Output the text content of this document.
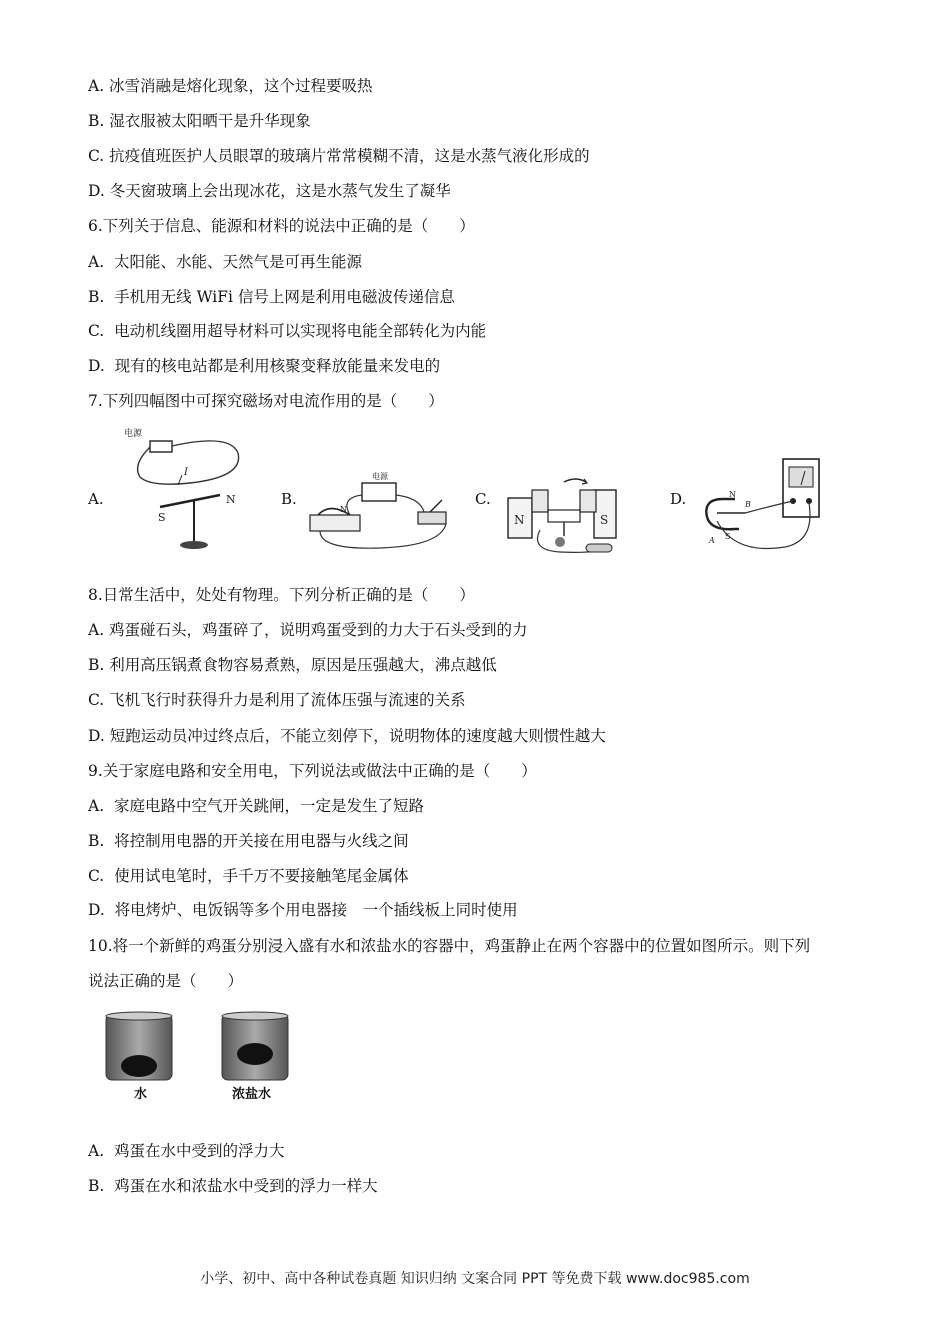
A. 冰雪消融是熔化现象，这个过程要吸热
B. 湿衣服被太阳晒干是升华现象
C. 抗疫值班医护人员眼罩的玻璃片常常模糊不清，这是水蒸气液化形成的
D. 冬天窗玻璃上会出现冰花，这是水蒸气发生了凝华
6.下列关于信息、能源和材料的说法中正确的是（　　）
A.  太阳能、水能、天然气是可再生能源
B.  手机用无线 WiFi 信号上网是利用电磁波传递信息
C.  电动机线圈用超导材料可以实现将电能全部转化为内能
D.  现有的核电站都是利用核聚变释放能量来发电的
7.下列四幅图中可探究磁场对电流作用的是（　　）
A.
电源
I
S
N	B.
电源
N
C.
N	S
D.	N
S
A
B
8.日常生活中，处处有物理。下列分析正确的是（　　）
A. 鸡蛋碰石头，鸡蛋碎了，说明鸡蛋受到的力大于石头受到的力
B. 利用高压锅煮食物容易煮熟，原因是压强越大，沸点越低
C. 飞机飞行时获得升力是利用了流体压强与流速的关系
D. 短跑运动员冲过终点后，不能立刻停下，说明物体的速度越大则惯性越大
9.关于家庭电路和安全用电，下列说法或做法中正确的是（　　）
A.  家庭电路中空气开关跳闸，一定是发生了短路
B.  将控制用电器的开关接在用电器与火线之间
C.  使用试电笔时，手千万不要接触笔尾金属体
D.  将电烤炉、电饭锅等多个用电器接　一个插线板上同时使用
10.将一个新鲜的鸡蛋分别浸入盛有水和浓盐水的容器中，鸡蛋静止在两个容器中的位置如图所示。则下列
说法正确的是（　　）
水	浓盐水
A.  鸡蛋在水中受到的浮力大
B.  鸡蛋在水和浓盐水中受到的浮力一样大
小学、初中、高中各种试卷真题 知识归纳 文案合同 PPT 等免费下载 www.doc985.com
